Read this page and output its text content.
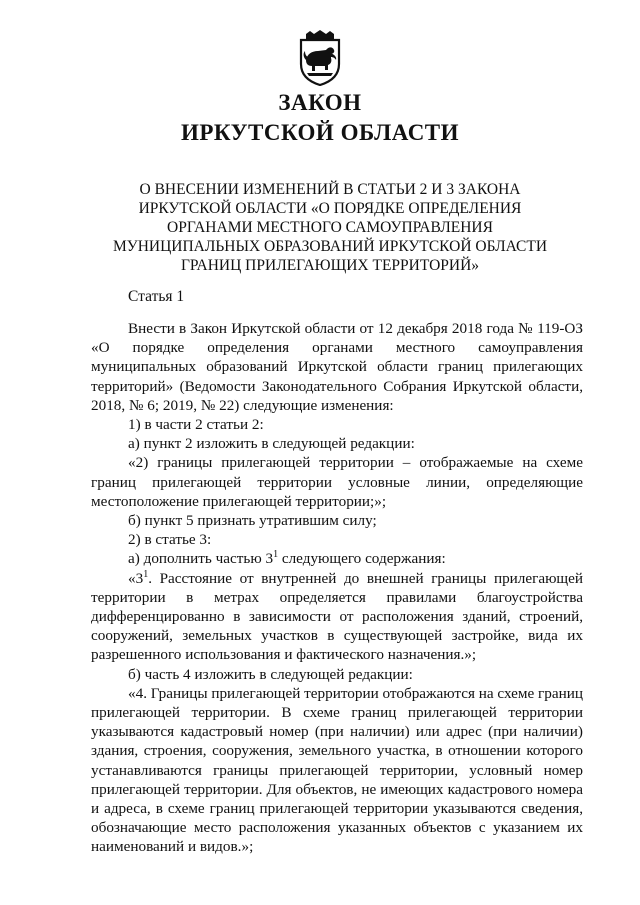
ЗАКОН
ИРКУТСКОЙ ОБЛАСТИ
О ВНЕСЕНИИ ИЗМЕНЕНИЙ В СТАТЬИ 2 И 3 ЗАКОНА
ИРКУТСКОЙ ОБЛАСТИ «О ПОРЯДКЕ ОПРЕДЕЛЕНИЯ
ОРГАНАМИ МЕСТНОГО САМОУПРАВЛЕНИЯ
МУНИЦИПАЛЬНЫХ ОБРАЗОВАНИЙ ИРКУТСКОЙ ОБЛАСТИ
ГРАНИЦ ПРИЛЕГАЮЩИХ ТЕРРИТОРИЙ»
Статья 1

Внести в Закон Иркутской области от 12 декабря 2018 года № 119-ОЗ «О порядке определения органами местного самоуправления муниципальных образований Иркутской области границ прилегающих территорий» (Ведомости Законодательного Собрания Иркутской области, 2018, № 6; 2019, № 22) следующие изменения:

1) в части 2 статьи 2:

а) пункт 2 изложить в следующей редакции:

«2) границы прилегающей территории – отображаемые на схеме границ прилегающей территории условные линии, определяющие местоположение прилегающей территории;»;

б) пункт 5 признать утратившим силу;

2) в статье 3:

а) дополнить частью $3^1$ следующего содержания:

«$3^1$. Расстояние от внутренней до внешней границы прилегающей территории в метрах определяется правилами благоустройства дифференцированно в зависимости от расположения зданий, строений, сооружений, земельных участков в существующей застройке, вида их разрешенного использования и фактического назначения.»;

б) часть 4 изложить в следующей редакции:

«4. Границы прилегающей территории отображаются на схеме границ прилегающей территории. В схеме границ прилегающей территории указываются кадастровый номер (при наличии) или адрес (при наличии) здания, строения, сооружения, земельного участка, в отношении которого устанавливаются границы прилегающей территории, условный номер прилегающей территории. Для объектов, не имеющих кадастрового номера и адреса, в схеме границ прилегающей территории указываются сведения, обозначающие место расположения указанных объектов с указанием их наименований и видов.»;
